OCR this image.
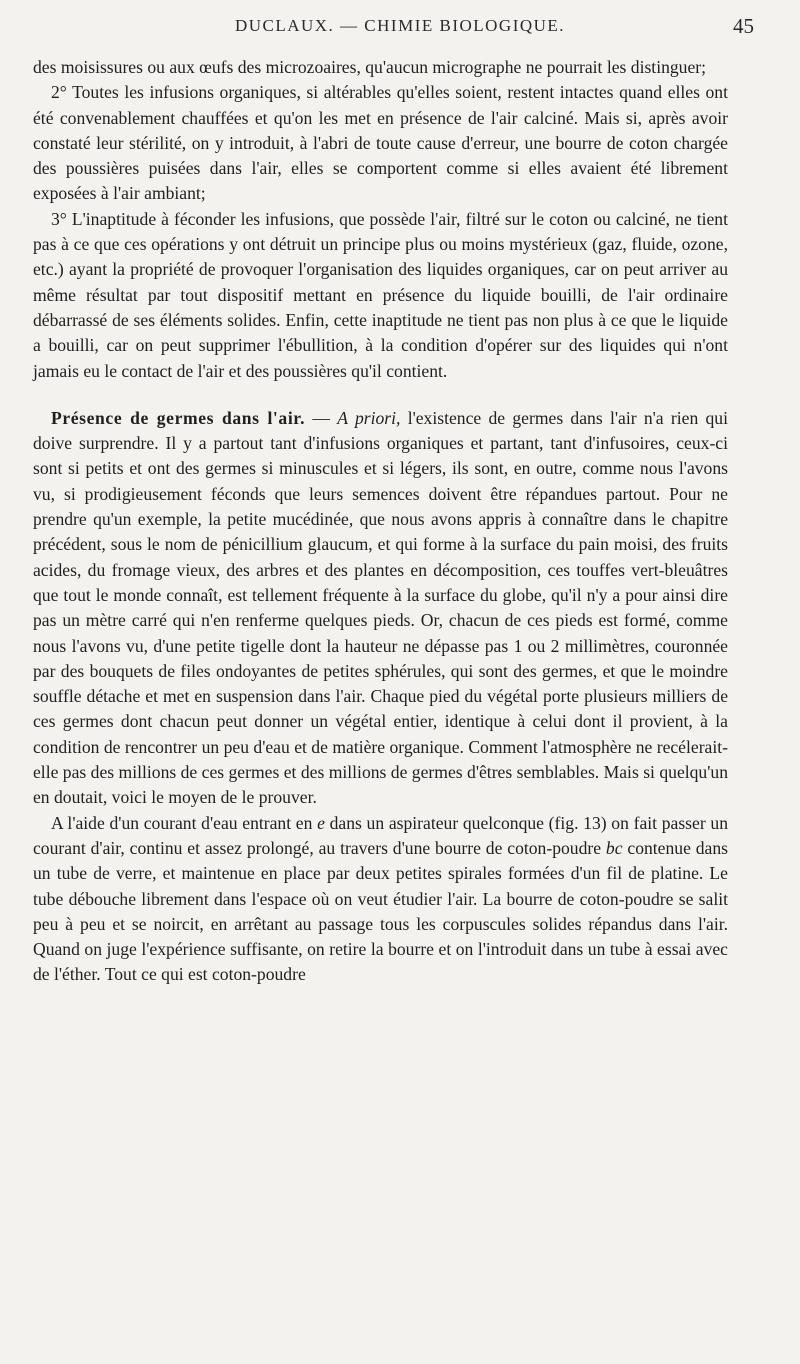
DUCLAUX. — CHIMIE BIOLOGIQUE.	45

des moisissures ou aux œufs des microzoaires, qu'aucun micrographe ne pourrait les distinguer;

2° Toutes les infusions organiques, si altérables qu'elles soient, restent intactes quand elles ont été convenablement chauffées et qu'on les met en présence de l'air calciné. Mais si, après avoir constaté leur stérilité, on y introduit, à l'abri de toute cause d'erreur, une bourre de coton chargée des poussières puisées dans l'air, elles se comportent comme si elles avaient été librement exposées à l'air ambiant;

3° L'inaptitude à féconder les infusions, que possède l'air, filtré sur le coton ou calciné, ne tient pas à ce que ces opérations y ont détruit un principe plus ou moins mystérieux (gaz, fluide, ozone, etc.) ayant la propriété de provoquer l'organisation des liquides organiques, car on peut arriver au même résultat par tout dispositif mettant en présence du liquide bouilli, de l'air ordinaire débarrassé de ses éléments solides. Enfin, cette inaptitude ne tient pas non plus à ce que le liquide a bouilli, car on peut supprimer l'ébullition, à la condition d'opérer sur des liquides qui n'ont jamais eu le contact de l'air et des poussières qu'il contient.

Présence de germes dans l'air. — A priori, l'existence de germes dans l'air n'a rien qui doive surprendre. Il y a partout tant d'infusions organiques et partant, tant d'infusoires, ceux-ci sont si petits et ont des germes si minuscules et si légers, ils sont, en outre, comme nous l'avons vu, si prodigieusement féconds que leurs semences doivent être répandues partout. Pour ne prendre qu'un exemple, la petite mucédinée, que nous avons appris à connaître dans le chapitre précédent, sous le nom de pénicillium glaucum, et qui forme à la surface du pain moisi, des fruits acides, du fromage vieux, des arbres et des plantes en décomposition, ces touffes vert-bleuâtres que tout le monde connaît, est tellement fréquente à la surface du globe, qu'il n'y a pour ainsi dire pas un mètre carré qui n'en renferme quelques pieds. Or, chacun de ces pieds est formé, comme nous l'avons vu, d'une petite tigelle dont la hauteur ne dépasse pas 1 ou 2 millimètres, couronnée par des bouquets de files ondoyantes de petites sphérules, qui sont des germes, et que le moindre souffle détache et met en suspension dans l'air. Chaque pied du végétal porte plusieurs milliers de ces germes dont chacun peut donner un végétal entier, identique à celui dont il provient, à la condition de rencontrer un peu d'eau et de matière organique. Comment l'atmosphère ne recélerait-elle pas des millions de ces germes et des millions de germes d'êtres semblables. Mais si quelqu'un en doutait, voici le moyen de le prouver.

A l'aide d'un courant d'eau entrant en e dans un aspirateur quelconque (fig. 13) on fait passer un courant d'air, continu et assez prolongé, au travers d'une bourre de coton-poudre bc contenue dans un tube de verre, et maintenue en place par deux petites spirales formées d'un fil de platine. Le tube débouche librement dans l'espace où on veut étudier l'air. La bourre de coton-poudre se salit peu à peu et se noircit, en arrêtant au passage tous les corpuscules solides répandus dans l'air. Quand on juge l'expérience suffisante, on retire la bourre et on l'introduit dans un tube à essai avec de l'éther. Tout ce qui est coton-poudre
